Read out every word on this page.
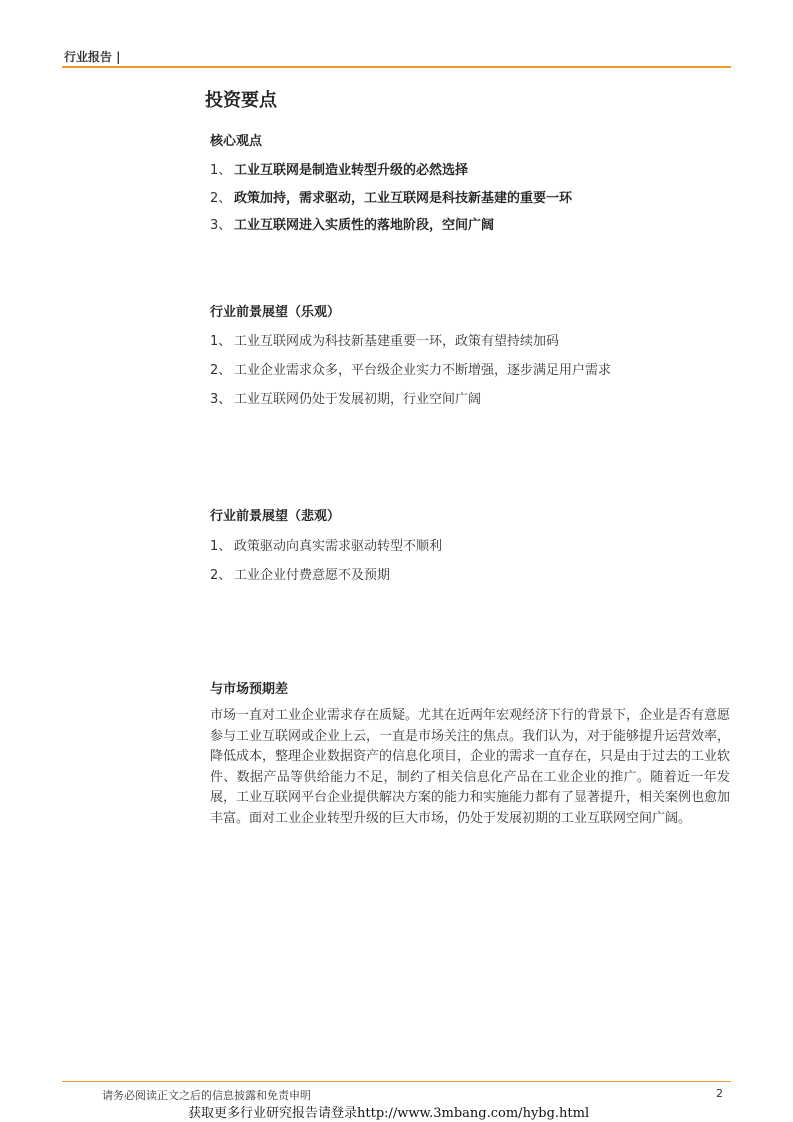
行业报告 |
投资要点
核心观点
1、 工业互联网是制造业转型升级的必然选择
2、 政策加持，需求驱动，工业互联网是科技新基建的重要一环
3、 工业互联网进入实质性的落地阶段，空间广阔
行业前景展望（乐观）
1、 工业互联网成为科技新基建重要一环，政策有望持续加码
2、 工业企业需求众多，平台级企业实力不断增强，逐步满足用户需求
3、 工业互联网仍处于发展初期，行业空间广阔
行业前景展望（悲观）
1、 政策驱动向真实需求驱动转型不顺利
2、 工业企业付费意愿不及预期
与市场预期差

市场一直对工业企业需求存在质疑。尤其在近两年宏观经济下行的背景下，企业是否有意愿参与工业互联网或企业上云，一直是市场关注的焦点。我们认为，对于能够提升运营效率，降低成本，整理企业数据资产的信息化项目，企业的需求一直存在，只是由于过去的工业软件、数据产品等供给能力不足，制约了相关信息化产品在工业企业的推广。随着近一年发展，工业互联网平台企业提供解决方案的能力和实施能力都有了显著提升，相关案例也愈加丰富。面对工业企业转型升级的巨大市场，仍处于发展初期的工业互联网空间广阔。

请务必阅读正文之后的信息披露和免责申明	2
获取更多行业研究报告请登录http://www.3mbang.com/hybg.html
